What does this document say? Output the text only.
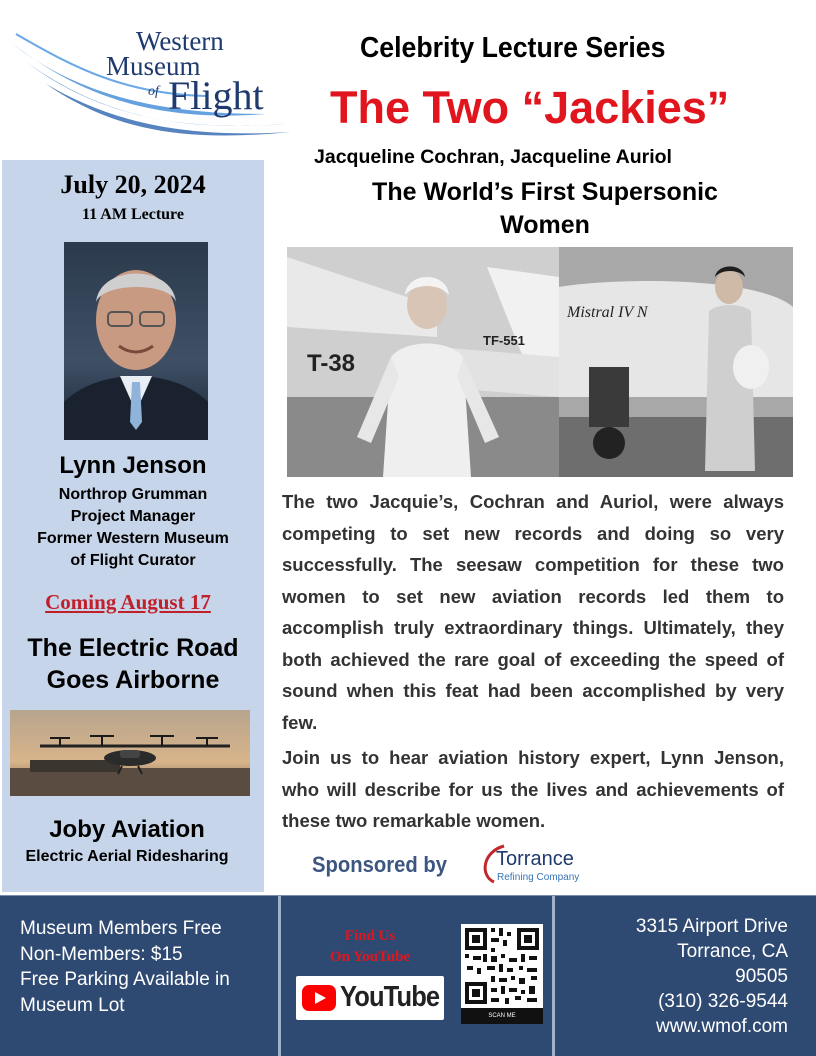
Western
Museum
of Flight
Celebrity Lecture Series
The Two “Jackies”
Jacqueline Cochran, Jacqueline Auriol
The World’s First Supersonic Women
July 20, 2024
11 AM Lecture
Lynn Jenson
Northrop Grumman
Project Manager
Former Western Museum
of Flight Curator
Coming August 17
The Electric Road
Goes Airborne
Joby Aviation
Electric Aerial Ridesharing
T-38
TF-551
Mistral IV N
The two Jacquie’s, Cochran and Auriol, were always competing to set new records and doing so very successfully. The seesaw competition for these two women to set new aviation records led them to accomplish truly extraordinary things. Ultimately, they both achieved the rare goal of exceeding the speed of sound when this feat had been accomplished by very few.
Join us to hear aviation history expert, Lynn Jenson, who will describe for us the lives and achievements of these two remarkable women.
Sponsored by Torrance
Refining Company
Museum Members Free
Non-Members: $15
Free Parking Available in
Museum Lot
Find Us
On YouTube
YouTube
SCAN ME
3315 Airport Drive
Torrance, CA
90505
(310) 326-9544
www.wmof.com
